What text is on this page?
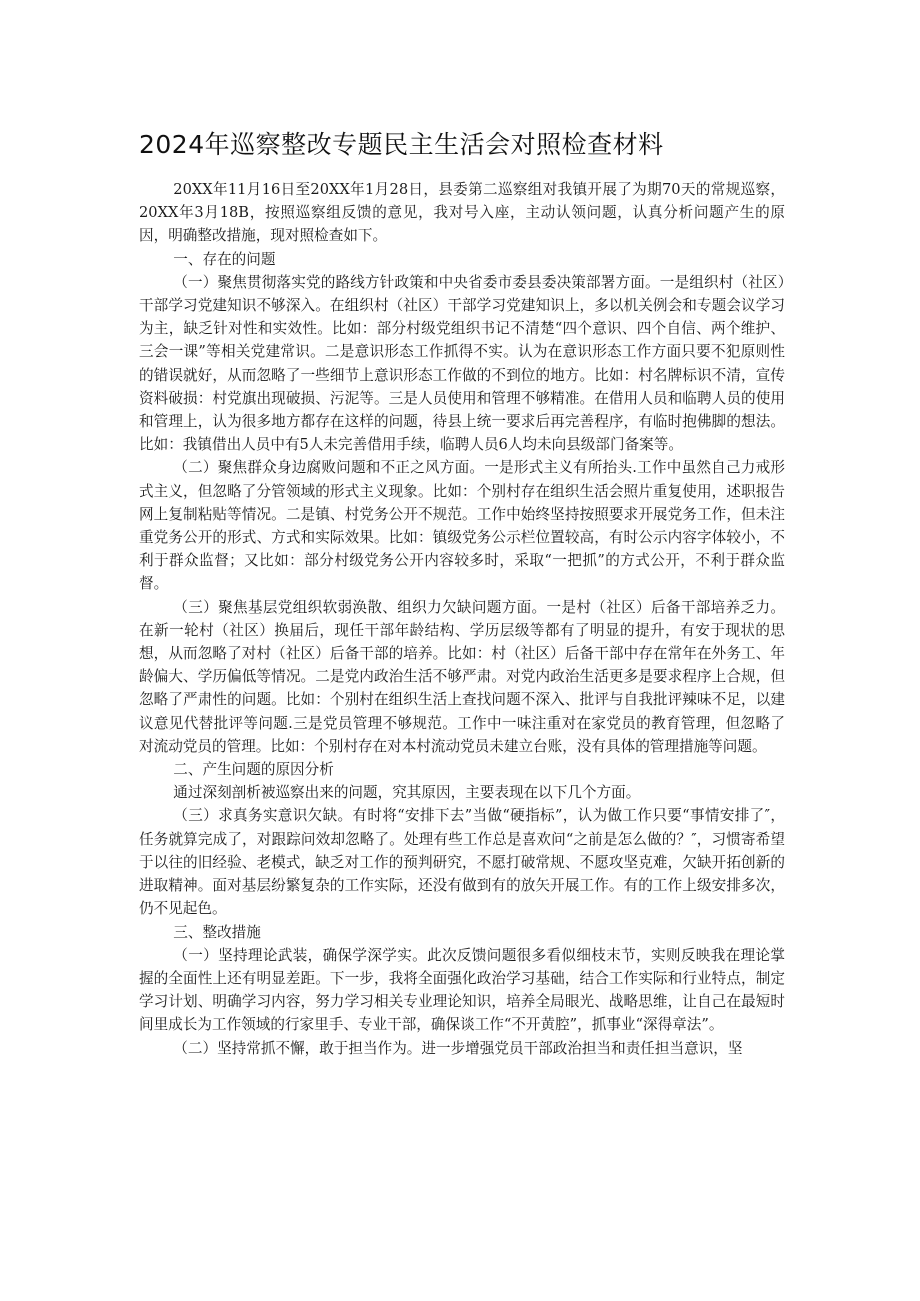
2024年巡察整改专题民主生活会对照检查材料

20XX年11月16日至20XX年1月28日，县委第二巡察组对我镇开展了为期70天的常规巡察，20XX年3月18B，按照巡察组反馈的意见，我对号入座，主动认领问题，认真分析问题产生的原因，明确整改措施，现对照检查如下。

一、存在的问题

（一）聚焦贯彻落实党的路线方针政策和中央省委市委县委决策部署方面。一是组织村（社区）干部学习党建知识不够深入。在组织村（社区）干部学习党建知识上，多以机关例会和专题会议学习为主，缺乏针对性和实效性。比如：部分村级党组织书记不清楚“四个意识、四个自信、两个维护、三会一课”等相关党建常识。二是意识形态工作抓得不实。认为在意识形态工作方面只要不犯原则性的错误就好，从而忽略了一些细节上意识形态工作做的不到位的地方。比如：村名牌标识不清，宣传资料破损：村党旗出现破损、污泥等。三是人员使用和管理不够精准。在借用人员和临聘人员的使用和管理上，认为很多地方都存在这样的问题，待县上统一要求后再完善程序，有临时抱佛脚的想法。比如：我镇借出人员中有5人未完善借用手续，临聘人员6人均未向县级部门备案等。

（二）聚焦群众身边腐败问题和不正之风方面。一是形式主义有所抬头.工作中虽然自己力戒形式主义，但忽略了分管领域的形式主义现象。比如：个别村存在组织生活会照片重复使用，述职报告网上复制粘贴等情况。二是镇、村党务公开不规范。工作中始终坚持按照要求开展党务工作，但未注重党务公开的形式、方式和实际效果。比如：镇级党务公示栏位置较高，有时公示内容字体较小，不利于群众监督；又比如：部分村级党务公开内容较多时，采取“一把抓”的方式公开，不利于群众监督。

（三）聚焦基层党组织软弱涣散、组织力欠缺问题方面。一是村（社区）后备干部培养乏力。在新一轮村（社区）换届后，现任干部年龄结构、学历层级等都有了明显的提升，有安于现状的思想，从而忽略了对村（社区）后备干部的培养。比如：村（社区）后备干部中存在常年在外务工、年龄偏大、学历偏低等情况。二是党内政治生活不够严肃。对党内政治生活更多是要求程序上合规，但忽略了严肃性的问题。比如：个别村在组织生活上查找问题不深入、批评与自我批评辣味不足，以建议意见代替批评等问题.三是党员管理不够规范。工作中一味注重对在家党员的教育管理，但忽略了对流动党员的管理。比如：个别村存在对本村流动党员未建立台账，没有具体的管理措施等问题。

二、产生问题的原因分析

通过深刻剖析被巡察出来的问题，究其原因，主要表现在以下几个方面。

（三）求真务实意识欠缺。有时将“安排下去”当做“硬指标”，认为做工作只要“事情安排了″，任务就算完成了，对跟踪问效却忽略了。处理有些工作总是喜欢问“之前是怎么做的？″，习惯寄希望于以往的旧经验、老模式，缺乏对工作的预判研究，不愿打破常规、不愿攻坚克难，欠缺开拓创新的进取精神。面对基层纷繁复杂的工作实际，还没有做到有的放矢开展工作。有的工作上级安排多次，仍不见起色。

三、整改措施

（一）坚持理论武装，确保学深学实。此次反馈问题很多看似细枝末节，实则反映我在理论掌握的全面性上还有明显差距。下一步，我将全面强化政治学习基础，结合工作实际和行业特点，制定学习计划、明确学习内容，努力学习相关专业理论知识，培养全局眼光、战略思维，让自己在最短时间里成长为工作领域的行家里手、专业干部，确保谈工作“不开黄腔”，抓事业“深得章法”。

（二）坚持常抓不懈，敢于担当作为。进一步增强党员干部政治担当和责任担当意识，坚
